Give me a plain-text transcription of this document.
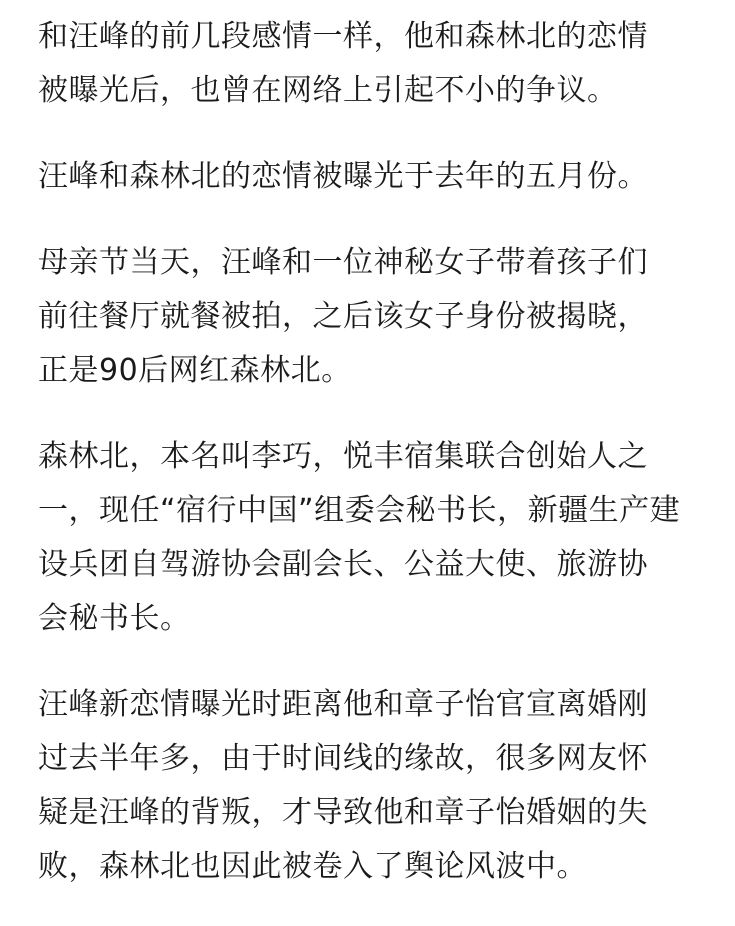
和汪峰的前几段感情一样，他和森林北的恋情
被曝光后，也曾在网络上引起不小的争议。

汪峰和森林北的恋情被曝光于去年的五月份。

母亲节当天，汪峰和一位神秘女子带着孩子们
前往餐厅就餐被拍，之后该女子身份被揭晓，
正是90后网红森林北。

森林北，本名叫李巧，悦丰宿集联合创始人之
一，现任“宿行中国”组委会秘书长，新疆生产建
设兵团自驾游协会副会长、公益大使、旅游协
会秘书长。

汪峰新恋情曝光时距离他和章子怡官宣离婚刚
过去半年多，由于时间线的缘故，很多网友怀
疑是汪峰的背叛，才导致他和章子怡婚姻的失
败，森林北也因此被卷入了舆论风波中。
